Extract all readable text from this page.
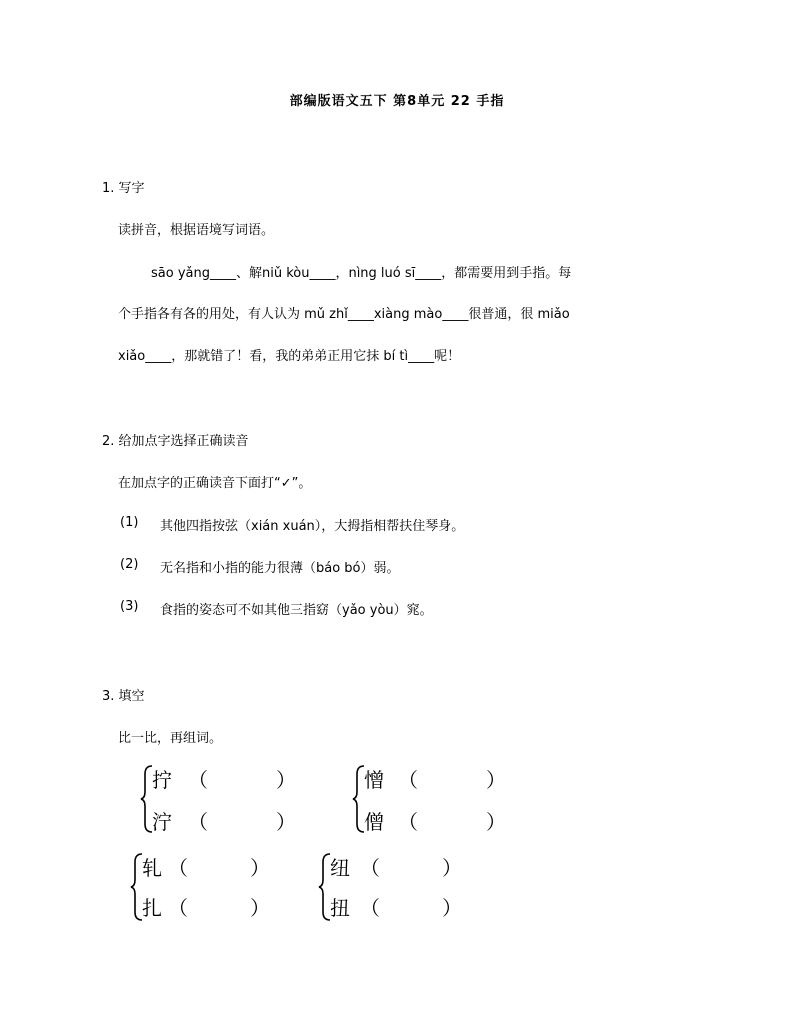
部编版语文五下 第8单元 22 手指
1. 写字
读拼音，根据语境写词语。
sāo yǎng____、解niǔ kòu____，nìng luó sī____，都需要用到手指。每
个手指各有各的用处，有人认为 mǔ zhǐ____xiàng mào____很普通，很 miǎo
xiǎo____，那就错了！看，我的弟弟正用它抹 bí tì____呢！
2. 给加点字选择正确读音
在加点字的正确读音下面打“✓”。
(1) 其他四指按弦（xián xuán），大拇指相帮扶住琴身。
(2) 无名指和小指的能力很薄（báo bó）弱。
(3) 食指的姿态可不如其他三指窈（yǎo yòu）窕。
3. 填空
比一比，再组词。
拧 （	）
泞 （	）
憎 （	）
僧 （	）
轧 （	）
扎 （	）
纽 （	）
扭 （	）
